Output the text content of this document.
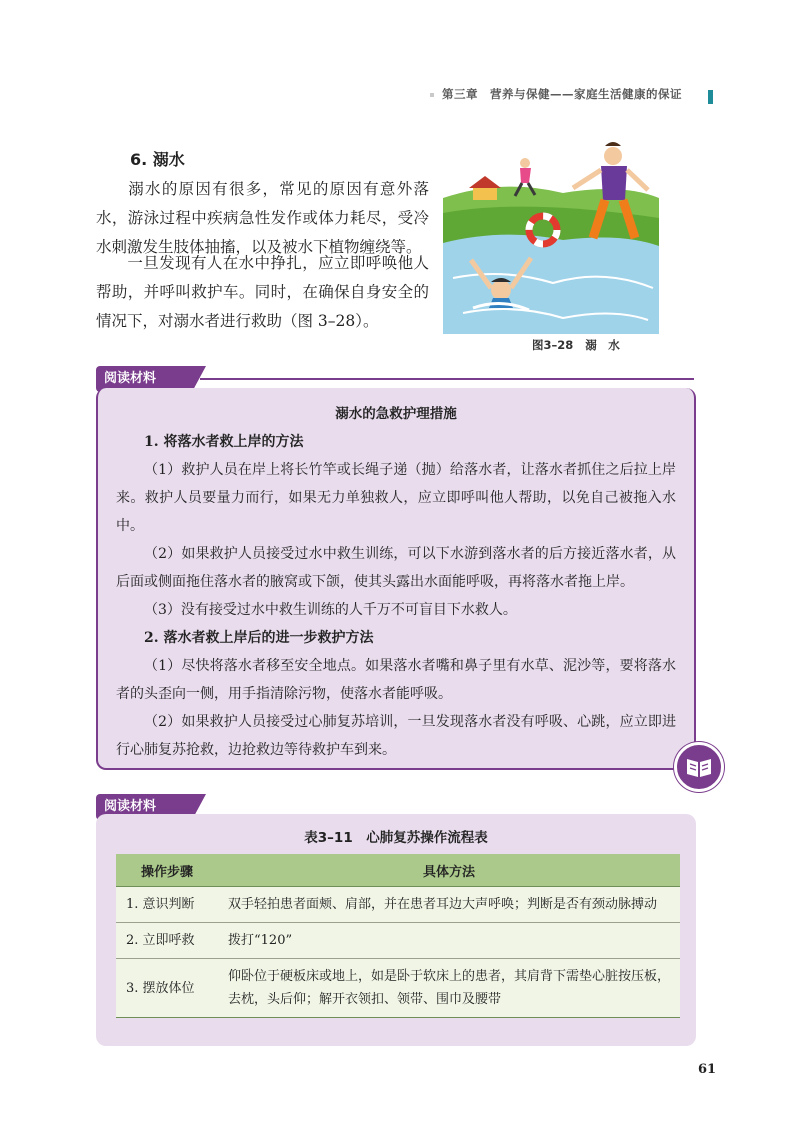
第三章　营养与保健——家庭生活健康的保证
6. 溺水
溺水的原因有很多，常见的原因有意外落水，游泳过程中疾病急性发作或体力耗尽，受冷水刺激发生肢体抽搐，以及被水下植物缠绕等。
一旦发现有人在水中挣扎，应立即呼唤他人帮助，并呼叫救护车。同时，在确保自身安全的情况下，对溺水者进行救助（图 3–28）。
图3–28 溺　水
阅读材料
溺水的急救护理措施
1. 将落水者救上岸的方法
（1）救护人员在岸上将长竹竿或长绳子递（抛）给落水者，让落水者抓住之后拉上岸来。救护人员要量力而行，如果无力单独救人，应立即呼叫他人帮助，以免自己被拖入水中。
（2）如果救护人员接受过水中救生训练，可以下水游到落水者的后方接近落水者，从后面或侧面拖住落水者的腋窝或下颌，使其头露出水面能呼吸，再将落水者拖上岸。
（3）没有接受过水中救生训练的人千万不可盲目下水救人。
2. 落水者救上岸后的进一步救护方法
（1）尽快将落水者移至安全地点。如果落水者嘴和鼻子里有水草、泥沙等，要将落水者的头歪向一侧，用手指清除污物，使落水者能呼吸。
（2）如果救护人员接受过心肺复苏培训，一旦发现落水者没有呼吸、心跳，应立即进行心肺复苏抢救，边抢救边等待救护车到来。
阅读材料
表3–11　心肺复苏操作流程表
操作步骤	具体方法
1. 意识判断	双手轻拍患者面颊、肩部，并在患者耳边大声呼唤；判断是否有颈动脉搏动
2. 立即呼救	拨打“120”
3. 摆放体位	仰卧位于硬板床或地上，如是卧于软床上的患者，其肩背下需垫心脏按压板，去枕，头后仰；解开衣领扣、领带、围巾及腰带
61
